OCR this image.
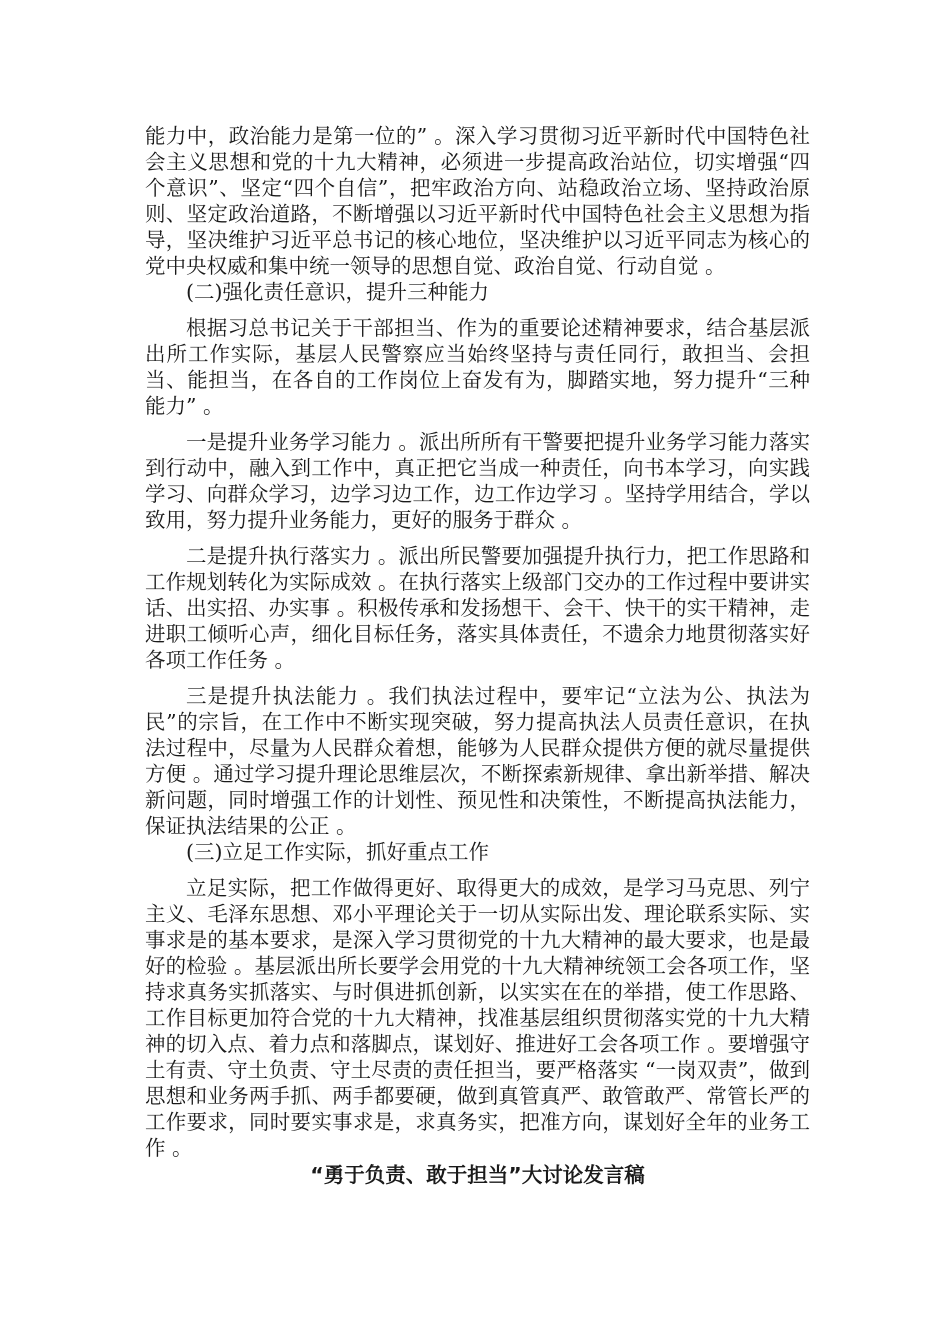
能力中，政治能力是第一位的” 。深入学习贯彻习近平新时代中国特色社会主义思想和党的十九大精神，必须进一步提高政治站位，切实增强“四个意识”、坚定“四个自信”，把牢政治方向、站稳政治立场、坚持政治原则、坚定政治道路，不断增强以习近平新时代中国特色社会主义思想为指导，坚决维护习近平总书记的核心地位，坚决维护以习近平同志为核心的党中央权威和集中统一领导的思想自觉、政治自觉、行动自觉 。

(二)强化责任意识，提升三种能力

根据习总书记关于干部担当、作为的重要论述精神要求，结合基层派出所工作实际，基层人民警察应当始终坚持与责任同行，敢担当、会担当、能担当，在各自的工作岗位上奋发有为，脚踏实地，努力提升“三种能力” 。

一是提升业务学习能力 。派出所所有干警要把提升业务学习能力落实到行动中，融入到工作中，真正把它当成一种责任，向书本学习，向实践学习、向群众学习，边学习边工作，边工作边学习 。坚持学用结合，学以致用，努力提升业务能力，更好的服务于群众 。

二是提升执行落实力 。派出所民警要加强提升执行力，把工作思路和工作规划转化为实际成效 。在执行落实上级部门交办的工作过程中要讲实话、出实招、办实事 。积极传承和发扬想干、会干、快干的实干精神，走进职工倾听心声，细化目标任务，落实具体责任，不遗余力地贯彻落实好各项工作任务 。

三是提升执法能力 。我们执法过程中，要牢记“立法为公、执法为民”的宗旨，在工作中不断实现突破，努力提高执法人员责任意识，在执法过程中，尽量为人民群众着想，能够为人民群众提供方便的就尽量提供方便 。通过学习提升理论思维层次，不断探索新规律、拿出新举措、解决新问题，同时增强工作的计划性、预见性和决策性，不断提高执法能力，保证执法结果的公正 。

(三)立足工作实际，抓好重点工作

立足实际，把工作做得更好、取得更大的成效，是学习马克思、列宁主义、毛泽东思想、邓小平理论关于一切从实际出发、理论联系实际、实事求是的基本要求，是深入学习贯彻党的十九大精神的最大要求，也是最好的检验 。基层派出所长要学会用党的十九大精神统领工会各项工作，坚持求真务实抓落实、与时俱进抓创新，以实实在在的举措，使工作思路、工作目标更加符合党的十九大精神，找准基层组织贯彻落实党的十九大精神的切入点、着力点和落脚点，谋划好、推进好工会各项工作 。要增强守土有责、守土负责、守土尽责的责任担当，要严格落实 “一岗双责”，做到思想和业务两手抓、两手都要硬，做到真管真严、敢管敢严、常管长严的工作要求，同时要实事求是，求真务实，把准方向，谋划好全年的业务工作 。

“勇于负责、敢于担当”大讨论发言稿
